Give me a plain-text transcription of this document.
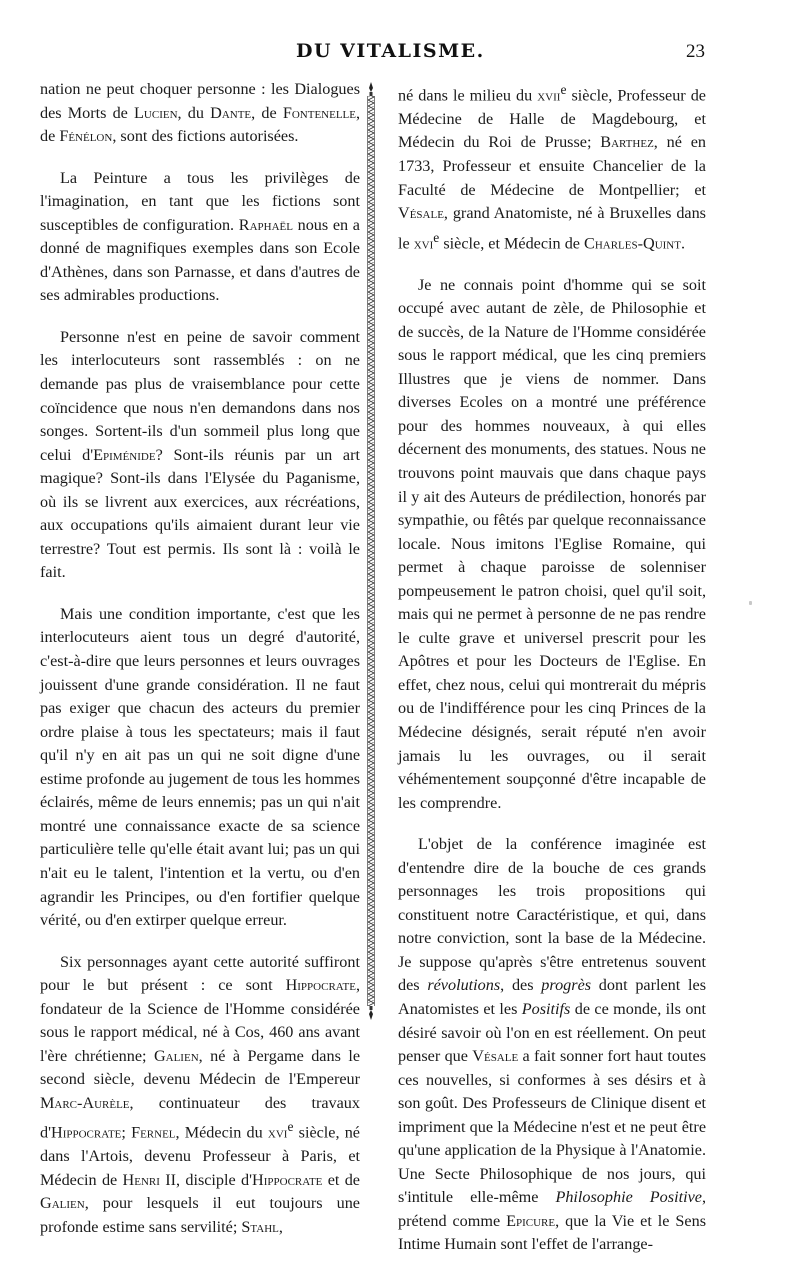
DU VITALISME.	23

nation ne peut choquer personne : les Dialogues des Morts de Lucien, du Dante, de Fontenelle, de Fénélon, sont des fictions autorisées.

La Peinture a tous les privilèges de l'imagination, en tant que les fictions sont susceptibles de configuration. Raphaël nous en a donné de magnifiques exemples dans son Ecole d'Athènes, dans son Parnasse, et dans d'autres de ses admirables productions.

Personne n'est en peine de savoir comment les interlocuteurs sont rassemblés : on ne demande pas plus de vraisemblance pour cette coïncidence que nous n'en demandons dans nos songes. Sortent-ils d'un sommeil plus long que celui d'Epiménide? Sont-ils réunis par un art magique? Sont-ils dans l'Elysée du Paganisme, où ils se livrent aux exercices, aux récréations, aux occupations qu'ils aimaient durant leur vie terrestre? Tout est permis. Ils sont là : voilà le fait.

Mais une condition importante, c'est que les interlocuteurs aient tous un degré d'autorité, c'est-à-dire que leurs personnes et leurs ouvrages jouissent d'une grande considération. Il ne faut pas exiger que chacun des acteurs du premier ordre plaise à tous les spectateurs; mais il faut qu'il n'y en ait pas un qui ne soit digne d'une estime profonde au jugement de tous les hommes éclairés, même de leurs ennemis; pas un qui n'ait montré une connaissance exacte de sa science particulière telle qu'elle était avant lui; pas un qui n'ait eu le talent, l'intention et la vertu, ou d'en agrandir les Principes, ou d'en fortifier quelque vérité, ou d'en extirper quelque erreur.

Six personnages ayant cette autorité suffiront pour le but présent : ce sont Hippocrate, fondateur de la Science de l'Homme considérée sous le rapport médical, né à Cos, 460 ans avant l'ère chrétienne; Galien, né à Pergame dans le second siècle, devenu Médecin de l'Empereur Marc-Aurèle, continuateur des travaux d'Hippocrate; Fernel, Médecin du xvi$^e$ siècle, né dans l'Artois, devenu Professeur à Paris, et Médecin de Henri II, disciple d'Hippocrate et de Galien, pour lesquels il eut toujours une profonde estime sans servilité; Stahl,

né dans le milieu du xvii$^e$ siècle, Professeur de Médecine de Halle de Magdebourg, et Médecin du Roi de Prusse; Barthez, né en 1733, Professeur et ensuite Chancelier de la Faculté de Médecine de Montpellier; et Vésale, grand Anatomiste, né à Bruxelles dans le xvi$^e$ siècle, et Médecin de Charles-Quint.

Je ne connais point d'homme qui se soit occupé avec autant de zèle, de Philosophie et de succès, de la Nature de l'Homme considérée sous le rapport médical, que les cinq premiers Illustres que je viens de nommer. Dans diverses Ecoles on a montré une préférence pour des hommes nouveaux, à qui elles décernent des monuments, des statues. Nous ne trouvons point mauvais que dans chaque pays il y ait des Auteurs de prédilection, honorés par sympathie, ou fêtés par quelque reconnaissance locale. Nous imitons l'Eglise Romaine, qui permet à chaque paroisse de solenniser pompeusement le patron choisi, quel qu'il soit, mais qui ne permet à personne de ne pas rendre le culte grave et universel prescrit pour les Apôtres et pour les Docteurs de l'Eglise. En effet, chez nous, celui qui montrerait du mépris ou de l'indifférence pour les cinq Princes de la Médecine désignés, serait réputé n'en avoir jamais lu les ouvrages, ou il serait véhémentement soupçonné d'être incapable de les comprendre.

L'objet de la conférence imaginée est d'entendre dire de la bouche de ces grands personnages les trois propositions qui constituent notre Caractéristique, et qui, dans notre conviction, sont la base de la Médecine. Je suppose qu'après s'être entretenus souvent des révolutions, des progrès dont parlent les Anatomistes et les Positifs de ce monde, ils ont désiré savoir où l'on en est réellement. On peut penser que Vésale a fait sonner fort haut toutes ces nouvelles, si conformes à ses désirs et à son goût. Des Professeurs de Clinique disent et impriment que la Médecine n'est et ne peut être qu'une application de la Physique à l'Anatomie. Une Secte Philosophique de nos jours, qui s'intitule elle-même Philosophie Positive, prétend comme Epicure, que la Vie et le Sens Intime Humain sont l'effet de l'arrange-
